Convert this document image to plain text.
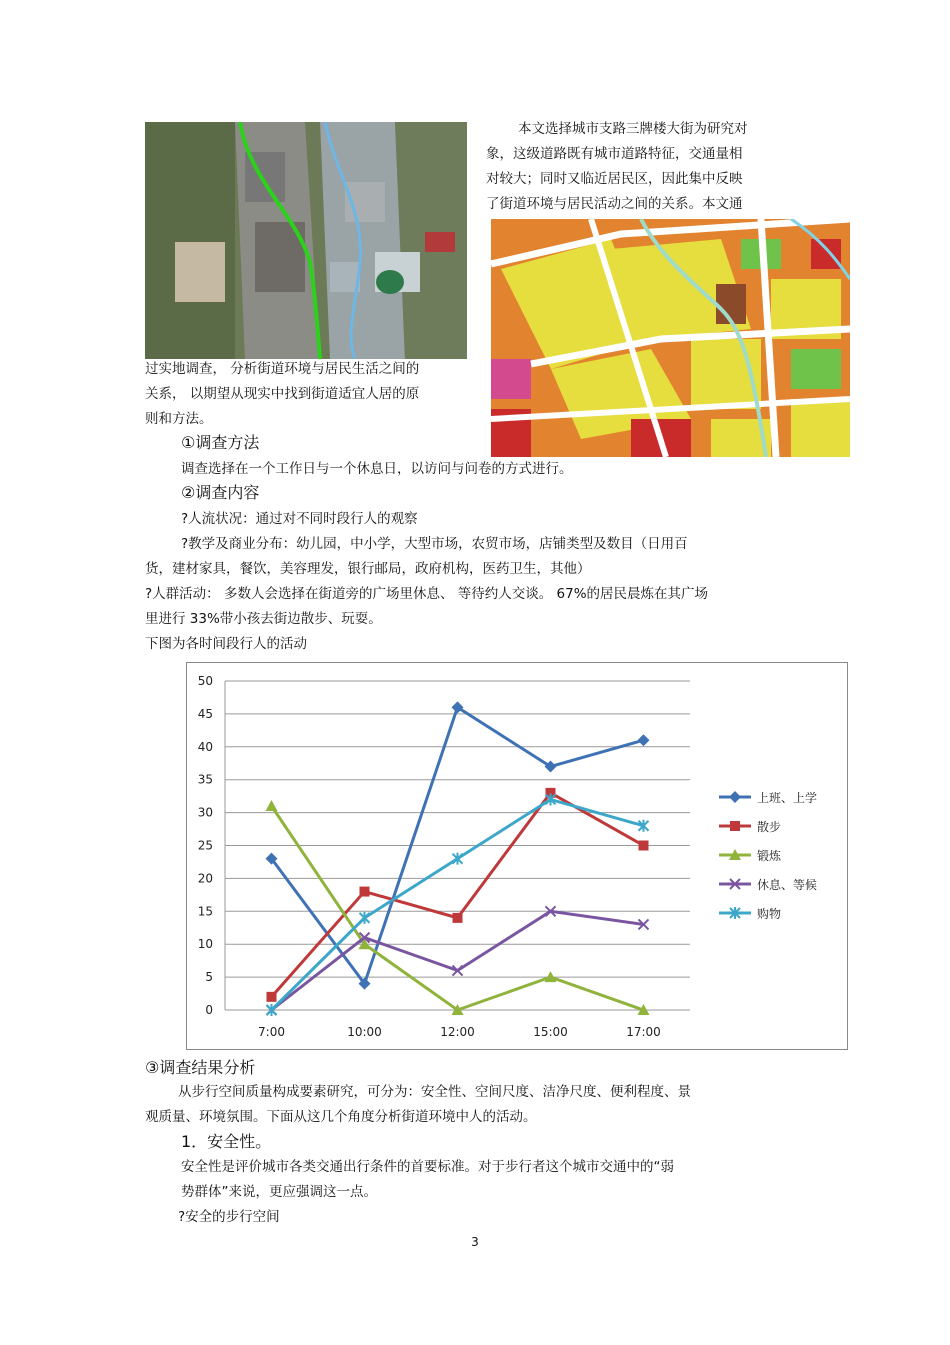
本文选择城市支路三牌楼大街为研究对
象，这级道路既有城市道路特征，交通量相
对较大；同时又临近居民区，因此集中反映
了街道环境与居民活动之间的关系。本文通
过实地调查， 分析街道环境与居民生活之间的
关系， 以期望从现实中找到街道适宜人居的原
则和方法。
①调查方法
调查选择在一个工作日与一个休息日，以访问与问卷的方式进行。
②调查内容
?人流状况：通过对不同时段行人的观察
?教学及商业分布：幼儿园，中小学，大型市场，农贸市场，店铺类型及数目（日用百
货，建材家具，餐饮，美容理发，银行邮局，政府机构，医药卫生，其他）
?人群活动： 多数人会选择在街道旁的广场里休息、 等待约人交谈。 67%的居民晨炼在其广场
里进行 33%带小孩去街边散步、玩耍。
下图为各时间段行人的活动
0
5
10
15
20
25
30
35
40
45
50
7:00	10:00	12:00	15:00	17:00
上班、上学
散步
锻炼
休息、等候
购物
③调查结果分析
从步行空间质量构成要素研究，可分为：安全性、空间尺度、洁净尺度、便利程度、景
观质量、环境氛围。下面从这几个角度分析街道环境中人的活动。
1．安全性。
安全性是评价城市各类交通出行条件的首要标准。对于步行者这个城市交通中的“弱
势群体”来说，更应强调这一点。
?安全的步行空间
3
